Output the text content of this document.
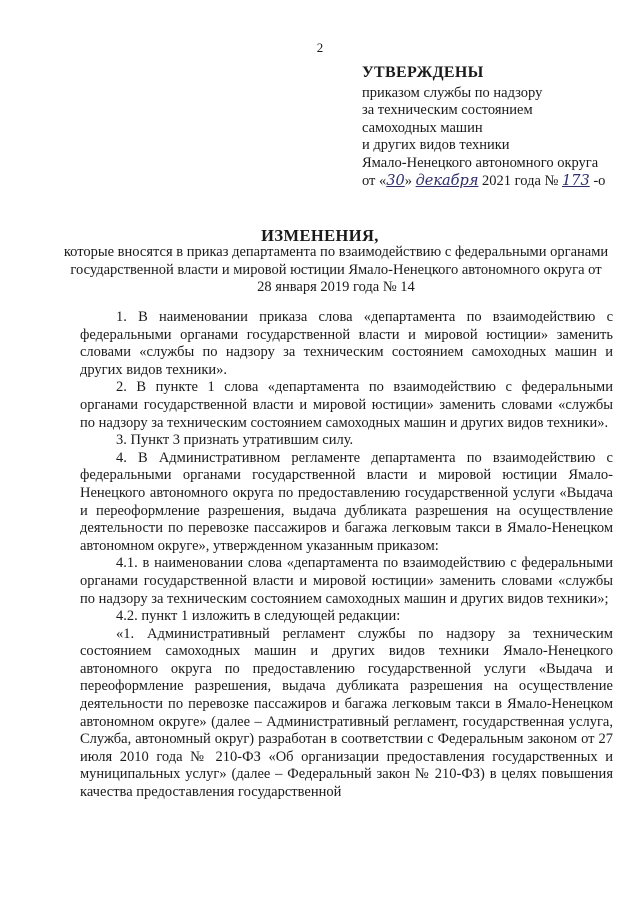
2
УТВЕРЖДЕНЫ
приказом службы по надзору
за техническим состоянием
самоходных машин
и других видов техники
Ямало-Ненецкого автономного округа
от «30» декабря 2021 года № 173 -о
ИЗМЕНЕНИЯ,
которые вносятся в приказ департамента по взаимодействию с федеральными органами государственной власти и мировой юстиции Ямало-Ненецкого автономного округа от 28 января 2019 года № 14

1. В наименовании приказа слова «департамента по взаимодействию с федеральными органами государственной власти и мировой юстиции» заменить словами «службы по надзору за техническим состоянием самоходных машин и других видов техники».

2. В пункте 1 слова «департамента по взаимодействию с федеральными органами государственной власти и мировой юстиции» заменить словами «службы по надзору за техническим состоянием самоходных машин и других видов техники».

3. Пункт 3 признать утратившим силу.

4. В Административном регламенте департамента по взаимодействию с федеральными органами государственной власти и мировой юстиции Ямало-Ненецкого автономного округа по предоставлению государственной услуги «Выдача и переоформление разрешения, выдача дубликата разрешения на осуществление деятельности по перевозке пассажиров и багажа легковым такси в Ямало-Ненецком автономном округе», утвержденном указанным приказом:

4.1. в наименовании слова «департамента по взаимодействию с федеральными органами государственной власти и мировой юстиции» заменить словами «службы по надзору за техническим состоянием самоходных машин и других видов техники»;

4.2. пункт 1 изложить в следующей редакции:

«1. Административный регламент службы по надзору за техническим состоянием самоходных машин и других видов техники Ямало-Ненецкого автономного округа по предоставлению государственной услуги «Выдача и переоформление разрешения, выдача дубликата разрешения на осуществление деятельности по перевозке пассажиров и багажа легковым такси в Ямало-Ненецком автономном округе» (далее – Административный регламент, государственная услуга, Служба, автономный округ) разработан в соответствии с Федеральным законом от 27 июля 2010 года № 210-ФЗ «Об организации предоставления государственных и муниципальных услуг» (далее – Федеральный закон № 210-ФЗ) в целях повышения качества предоставления государственной
